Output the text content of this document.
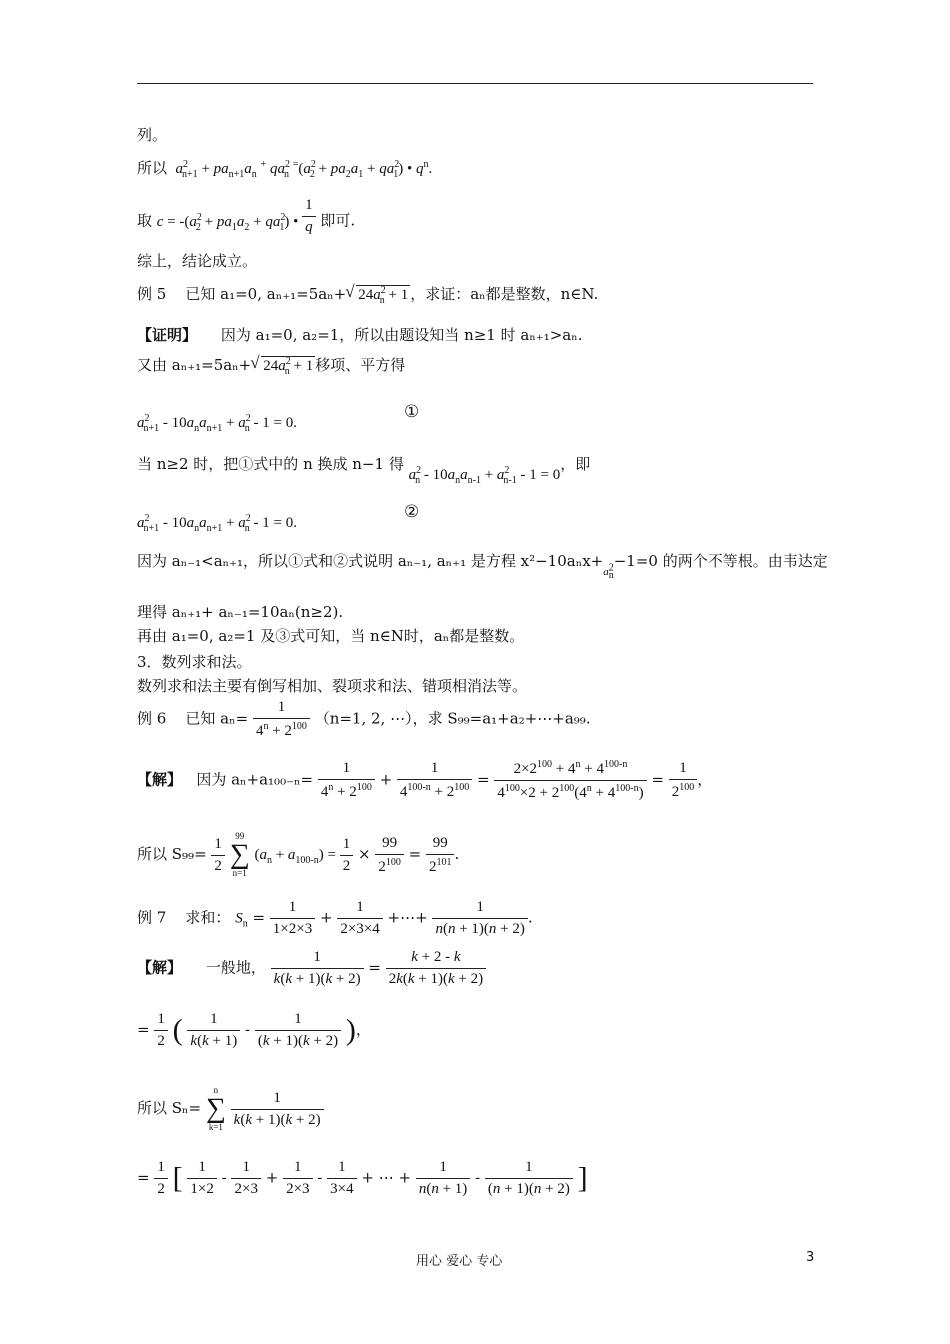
列。
所以 $a^2_{n+1} + pa_{n+1}a_n$ + $qa^2_n$ $^=(a^2_2 + pa_2a_1 + qa^2_1)$ • $q^n$.
取 $c = -(a^2_2 + pa_1a_2 + qa^2_1)$ • $\frac{1}{q}$ 即可.
综上，结论成立。
例 5 已知 a₁=0, aₙ₊₁=5aₙ+ √ $24a^2_n + 1$ ，求证：aₙ都是整数，n∈N.
【证明】 因为 a₁=0, a₂=1，所以由题设知当 n≥1 时 aₙ₊₁>aₙ.
又由 aₙ₊₁=5aₙ+ √ $24a^2_n + 1$ 移项、平方得
$a^2_{n+1} - 10a_na_{n+1} + a^2_n - 1 = 0$.
①
当 n≥2 时，把①式中的 n 换成 n−1 得 $a^2_n - 10a_na_{n-1} + a^2_{n-1} - 1 = 0$，即
$a^2_{n+1} - 10a_na_{n+1} + a^2_n - 1 = 0$.
②
因为 aₙ₋₁<aₙ₊₁，所以①式和②式说明 aₙ₋₁, aₙ₊₁ 是方程 $x^2-10a_nx+_{a^2_n}-1=0$ 的两个不等根。由韦达定
理得 aₙ₊₁+ aₙ₋₁=10aₙ(n≥2).
再由 a₁=0, a₂=1 及③式可知，当 n∈N时，aₙ都是整数。
3．数列求和法。
数列求和法主要有倒写相加、裂项求和法、错项相消法等。
例 6 已知 $a_n= \frac{1}{4^n + 2^{100}} (n=1$, 2, ⋯），求 S₉₉=a₁+a₂+⋯+a₉₉.
【解】 因为 $a_n+a_{100-n}= \frac{1}{4^n + 2^{100}} + \frac{1}{4^{100-n} + 2^{100}} = \frac{2\times 2^{100} + 4^n + 4^{100-n}}{4^{100}\times 2 + 2^{100}(4^n + 4^{100-n})} = \frac{1}{2^{100}}$ ，
所以 $S_{99}= \frac{1}{2}$

99
∑
n=1
$(a_n + a_{100-n}) = \frac{1}{2} \times \frac{99}{2^{100}} = \frac{99}{2^{101}}$ .
例 7 求和： $S_n = \frac{1}{1\times 2\times 3} + \frac{1}{2\times 3\times 4}$ +⋯+ $\frac{1}{n(n + 1)(n + 2)}$ .
【解】 一般地， $\frac{1}{k(k + 1)(k + 2)} = \frac{k + 2 - k}{2k(k + 1)(k + 2)}$
= $\frac{1}{2}$ ( $\frac{1}{k(k + 1)} - \frac{1}{(k + 1)(k + 2)}$ )，
所以 Sₙ=
n
∑
k=1
$\frac{1}{k(k + 1)(k + 2)}$
= $\frac{1}{2}$ [ $\frac{1}{1\times 2} - \frac{1}{2\times 3} + \frac{1}{2\times 3} - \frac{1}{3\times 4}$ + ⋯ + $\frac{1}{n(n + 1)} - \frac{1}{(n + 1)(n + 2)}$ ]
用心 爱心 专心	3
